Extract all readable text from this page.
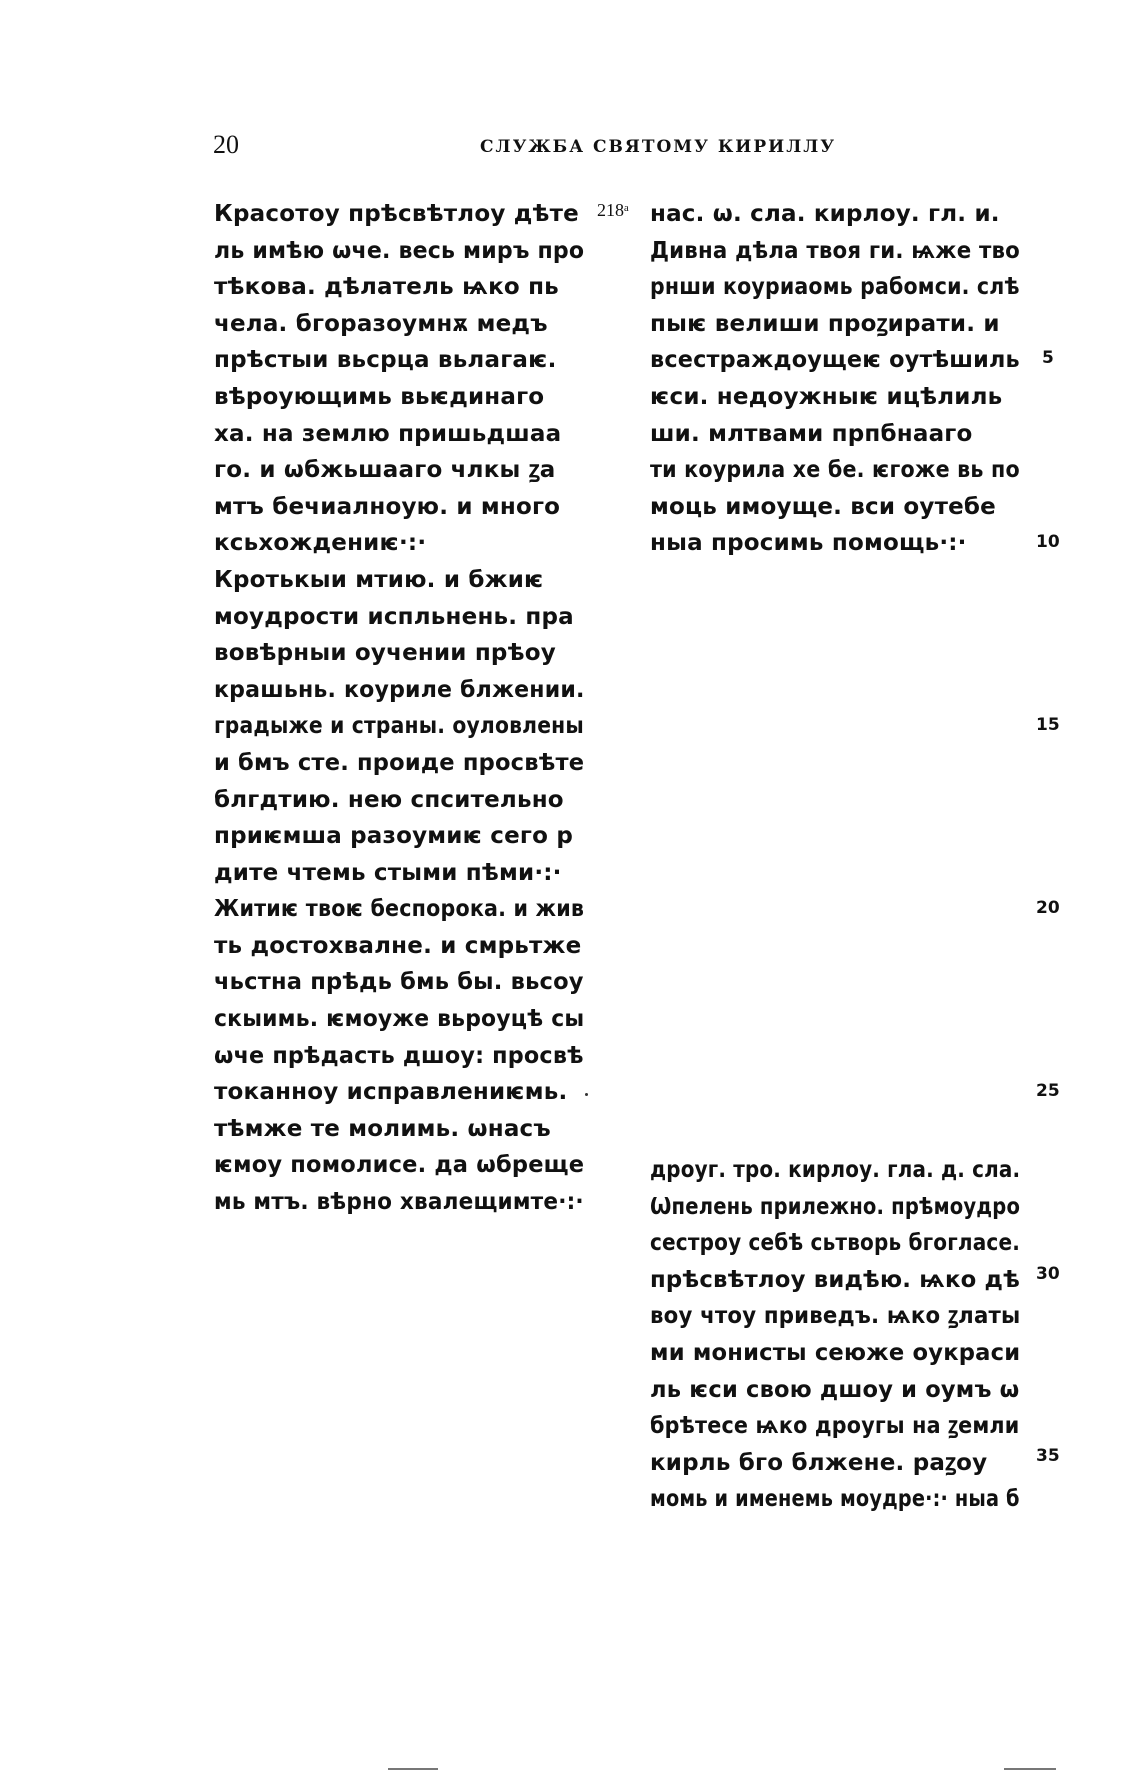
20	СЛУЖБА СВЯТОМУ КИРИЛЛУ
218ᵃ
Красотоу прѣсвѣтлоу дѣте
ль имѣю ѡче. весь миръ про
тѣкова. дѣлатель ѩко пь
чела. бгоразоумнѫ медъ
прѣстыи вьсрца вьлагаѥ.
вѣроующимь вьѥдинаго
ха. на землю пришьдшаа
го. и ѡбжьшааго члкы ꙁа
мтъ бечиалноую. и много
ксьхождениѥ·:·
Кротькыи мтию. и бжиѥ
моудрости испльнень. пра
вовѣрныи оучении прѣоу
крашьнь. коуриле блжении.
градыже и страны. оуловлены
и бмъ сте. проиде просвѣте
блгдтию. нею спсительно
приѥмша разоумиѥ сего р
дите чтемь стыми пѣми·:·
Житиѥ твоѥ беспорока. и жив
ть достохвалне. и смрьтже
чьстна прѣдь бмь бы. вьсоу
скыимь. ѥмоуже вьроуцѣ сы
ѡче прѣдасть дшоу: просвѣ
токанноу исправлениѥмь.
тѣмже те молимь. ѡнасъ
ѥмоу помолисе. да ѡбреще
мь мтъ. вѣрно хвалещимте·:·
нас. ѡ. сла. кирлоу. гл. и.
Дивна дѣла твоя ги. ѩже тво
рнши коуриаомь рабомси. слѣ
пыѥ велиши проꙁирати. и
всестраждоущеѥ оутѣшиль
ѥси. недоужныѥ ицѣлиль
ши. млтвами прпбнааго
ти коурила хе бе. ѥгоже вь по
моць имоуще. вси оутебе
ныа просимь помощь·:·
дроуг. тро. кирлоу. гла. д. сла.
Ѡпелень прилежно. прѣмоудро
сестроу себѣ сьтворь бгогласе.
прѣсвѣтлоу видѣю. ѩко дѣ
воу чтоу приведъ. ѩко ꙁлаты
ми монисты сеюже оукраси
ль ѥси свою дшоу и оумъ ѡ
брѣтесе ѩко дроугы на ꙁемли
кирль бго блжене. раꙁоу
момь и именемь моудре·:· ныа б
5
10
15
20
25
30
35
